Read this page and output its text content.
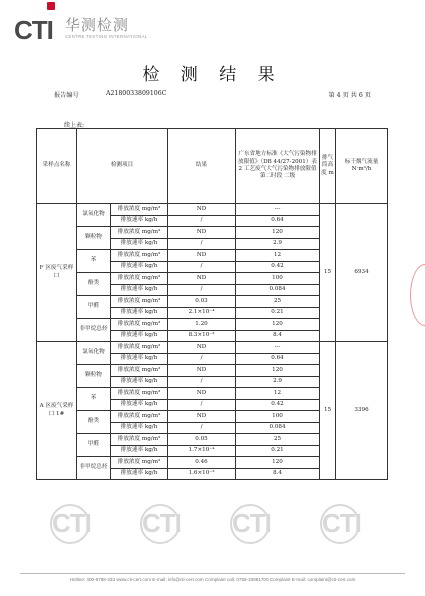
CTI 华测检测
CENTRE TESTING INTERNATIONAL
检 测 结 果
报告编号	A2180033809106C	第 4 页 共 6 页
续上表:
采样点名称	检测项目		结果	广东省地方标准《大气污染物排放限值》（DB 44/27-2001）表 2 工艺废气大气污染物排放限值 第二时段 二级	排气筒高度 m	标干烟气流量 N·m³/h
F 区废气采样口	氯氧化物	排放浓度 mg/m³	ND	---	15	6934
		排放速率 kg/h	/	0.64		
	颗粒物	排放浓度 mg/m³	ND	120		
		排放速率 kg/h	/	2.9		
	苯	排放浓度 mg/m³	ND	12		
		排放速率 kg/h	/	0.42		
	酚类	排放浓度 mg/m³	ND	100		
		排放速率 kg/h	/	0.084		
	甲醛	排放浓度 mg/m³	0.03	25		
		排放速率 kg/h	2.1×10⁻⁴	0.21		
	非甲烷总烃	排放浓度 mg/m³	1.20	120		
		排放速率 kg/h	8.3×10⁻³	8.4		
A 区废气采样口 1#	氯氧化物	排放浓度 mg/m³	ND	---	15	3396
		排放速率 kg/h	/	0.64		
	颗粒物	排放浓度 mg/m³	ND	120		
		排放速率 kg/h	/	2.9		
	苯	排放浓度 mg/m³	ND	12		
		排放速率 kg/h	/	0.42		
	酚类	排放浓度 mg/m³	ND	100		
		排放速率 kg/h	/	0.084		
	甲醛	排放浓度 mg/m³	0.05	25		
		排放速率 kg/h	1.7×10⁻⁴	0.21		
	非甲烷总烃	排放浓度 mg/m³	0.46	120		
		排放速率 kg/h	1.6×10⁻³	8.4		
CTI CTI CTI CTI
Hotline: 400-6788-333 www.cti-cert.com E-mail: info@cti-cert.com Complaint call: 0755-33681700 Complaint E-mail: complaint@cti-cert.com
